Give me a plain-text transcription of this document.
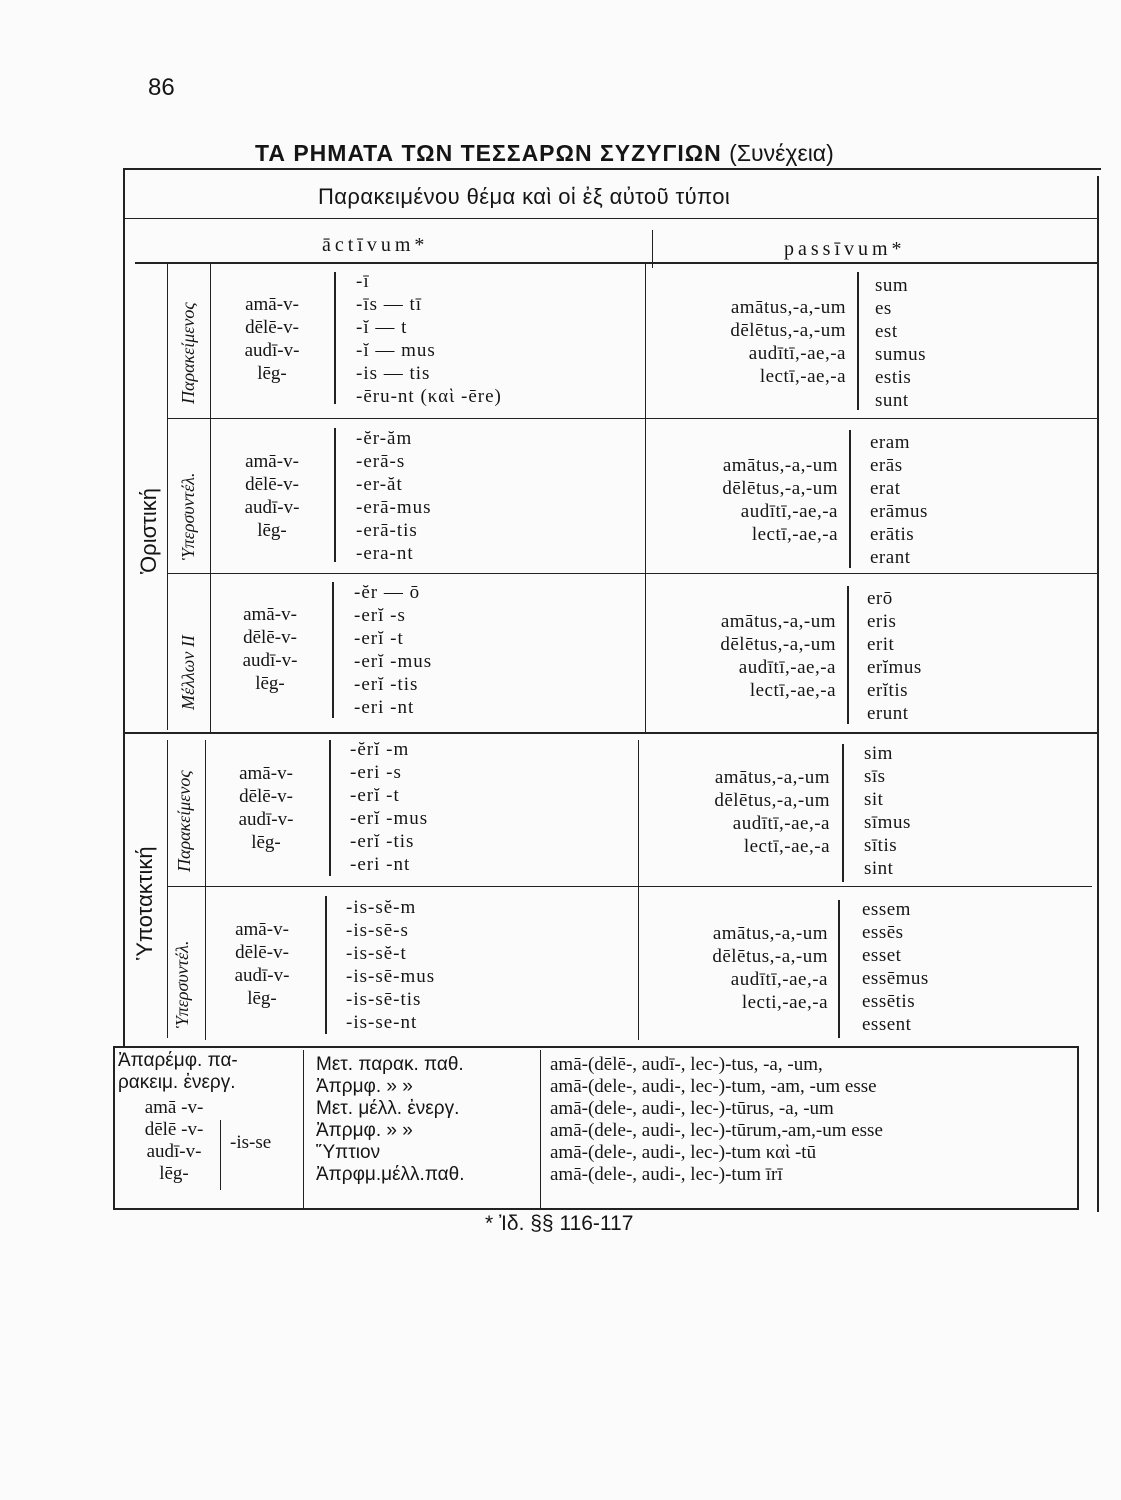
86
ΤΑ ΡΗΜΑΤΑ ΤΩΝ ΤΕΣΣΑΡΩΝ ΣΥΖΥΓΙΩΝ (Συνέχεια)
Παρακειμένου θέμα καὶ οἱ ἐξ αὐτοῦ τύποι
āctīvum*	passīvum*
Ὁριστική
Ὑποτακτική
Παρακείμενος
Ὑπερσυντέλ.
Μέλλων ΙΙ
Παρακείμενος
Ὑπερσυντέλ.
amā-v-
dēlē-v-
audī-v-
lēg-
-ī
-īs — tī
-ĭ — t
-ĭ — mus
-is — tis
-ēru-nt (καὶ -ēre)
amātus,-a,-um
dēlētus,-a,-um
audītī,-ae,-a
lectī,-ae,-a
sum
es
est
sumus
estis
sunt
amā-v-
dēlē-v-
audī-v-
lēg-
-ĕr-ăm
-erā-s
-er-ăt
-erā-mus
-erā-tis
-era-nt
amātus,-a,-um
dēlētus,-a,-um
audītī,-ae,-a
lectī,-ae,-a
eram
erās
erat
erāmus
erātis
erant
amā-v-
dēlē-v-
audī-v-
lēg-
-ĕr — ō
-erĭ -s
-erĭ -t
-erĭ -mus
-erĭ -tis
-eri -nt
amātus,-a,-um
dēlētus,-a,-um
audītī,-ae,-a
lectī,-ae,-a
erō
eris
erit
erĭmus
erĭtis
erunt
amā-v-
dēlē-v-
audī-v-
lēg-
-ĕrĭ -m
-eri -s
-erĭ -t
-erĭ -mus
-erĭ -tis
-eri -nt
amātus,-a,-um
dēlētus,-a,-um
audītī,-ae,-a
lectī,-ae,-a
sim
sīs
sit
sīmus
sītis
sint
amā-v-
dēlē-v-
audī-v-
lēg-
-is-sĕ-m
-is-sē-s
-is-sĕ-t
-is-sē-mus
-is-sē-tis
-is-se-nt
amātus,-a,-um
dēlētus,-a,-um
audītī,-ae,-a
lecti,-ae,-a
essem
essēs
esset
essēmus
essētis
essent
Ἀπαρέμφ. πα-
ρακειμ. ἐνεργ.
amā -v-
dēlē -v-
audī-v-
lēg-
-is-se
Μετ. παρακ. παθ.
Ἀπρμφ. » »
Μετ. μέλλ. ἐνεργ.
Ἀπρμφ. » »
Ὕπτιον
Ἀπρφμ.μέλλ.παθ.
amā-(dēlē-, audī-, lec-)-tus, -a, -um,
amā-(dele-, audi-, lec-)-tum, -am, -um esse
amā-(dele-, audi-, lec-)-tūrus, -a, -um
amā-(dele-, audi-, lec-)-tūrum,-am,-um esse
amā-(dele-, audi-, lec-)-tum καὶ -tū
amā-(dele-, audi-, lec-)-tum īrī
* Ἰδ. §§ 116-117
